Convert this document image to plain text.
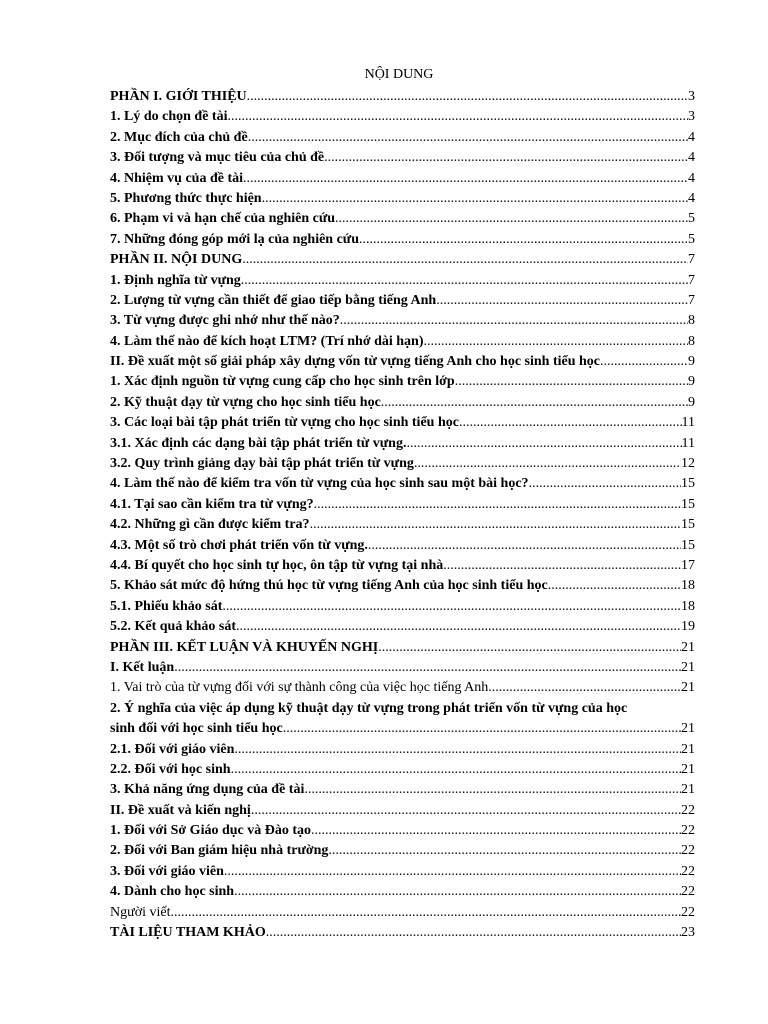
NỘI DUNG
PHẦN I. GIỚI THIỆU .....	3
1. Lý do chọn đề tài .....	3
2. Mục đích của chủ đề .....	4
3. Đối tượng và mục tiêu của chủ đề .....	4
4. Nhiệm vụ của đề tài .....	4
5. Phương thức thực hiện .....	4
6. Phạm vi và hạn chế của nghiên cứu .....	5
7. Những đóng góp mới lạ của nghiên cứu .....	5
PHẦN II. NỘI DUNG .....	7
1. Định nghĩa từ vựng .....	7
2. Lượng từ vựng cần thiết để giao tiếp bằng tiếng Anh .....	7
3. Từ vựng được ghi nhớ như thế nào? .....	8
4. Làm thế nào để kích hoạt LTM? (Trí nhớ dài hạn) .....	8
II. Đề xuất một số giải pháp xây dựng vốn từ vựng tiếng Anh cho học sinh tiểu học .....	9
1. Xác định nguồn từ vựng cung cấp cho học sinh trên lớp .....	9
2. Kỹ thuật dạy từ vựng cho học sinh tiểu học .....	9
3. Các loại bài tập phát triển từ vựng cho học sinh tiểu học .....	11
3.1. Xác định các dạng bài tập phát triển từ vựng. .....	11
3.2. Quy trình giảng dạy bài tập phát triển từ vựng .....	12
4. Làm thế nào để kiểm tra vốn từ vựng của học sinh sau một bài học? .....	15
4.1. Tại sao cần kiểm tra từ vựng? .....	15
4.2. Những gì cần được kiểm tra? .....	15
4.3. Một số trò chơi phát triển vốn từ vựng. .....	15
4.4. Bí quyết cho học sinh tự học, ôn tập từ vựng tại nhà .....	17
5. Khảo sát mức độ hứng thú học từ vựng tiếng Anh của học sinh tiểu học .....	18
5.1. Phiếu khảo sát .....	18
5.2. Kết quả khảo sát .....	19
PHẦN III. KẾT LUẬN VÀ KHUYẾN NGHỊ .....	21
I. Kết luận .....	21
1. Vai trò của từ vựng đối với sự thành công của việc học tiếng Anh .....	21
2. Ý nghĩa của việc áp dụng kỹ thuật dạy từ vựng trong phát triển vốn từ vựng của học
sinh đối với học sinh tiểu học .....	21
2.1. Đối với giáo viên .....	21
2.2. Đối với học sinh .....	21
3. Khả năng ứng dụng của đề tài .....	21
II. Đề xuất và kiến nghị .....	22
1. Đối với Sở Giáo dục và Đào tạo .....	22
2. Đối với Ban giám hiệu nhà trường .....	22
3. Đối với giáo viên .....	22
4. Dành cho học sinh .....	22
Người viết .....	22
TÀI LIỆU THAM KHẢO .....	23
